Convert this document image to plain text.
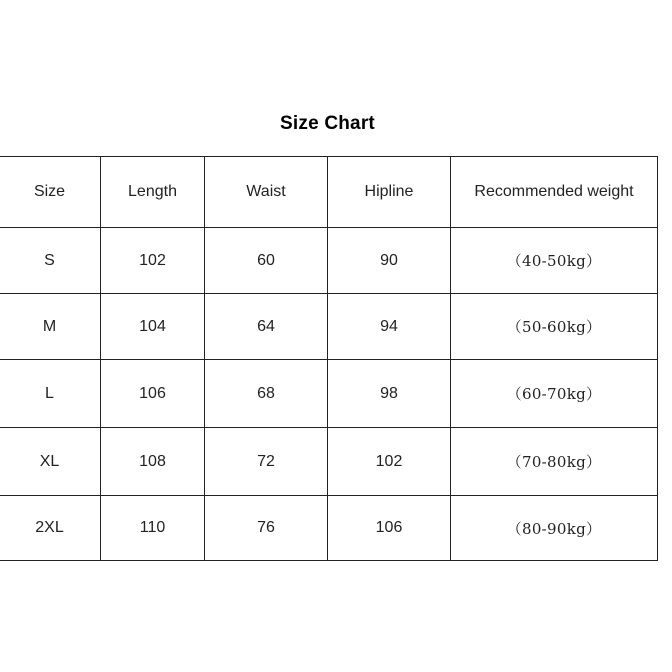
Size Chart
Size	Length	Waist	Hipline	Recommended weight
S	102	60	90	（40-50kg）
M	104	64	94	（50-60kg）
L	106	68	98	（60-70kg）
XL	108	72	102	（70-80kg）
2XL	110	76	106	（80-90kg）
